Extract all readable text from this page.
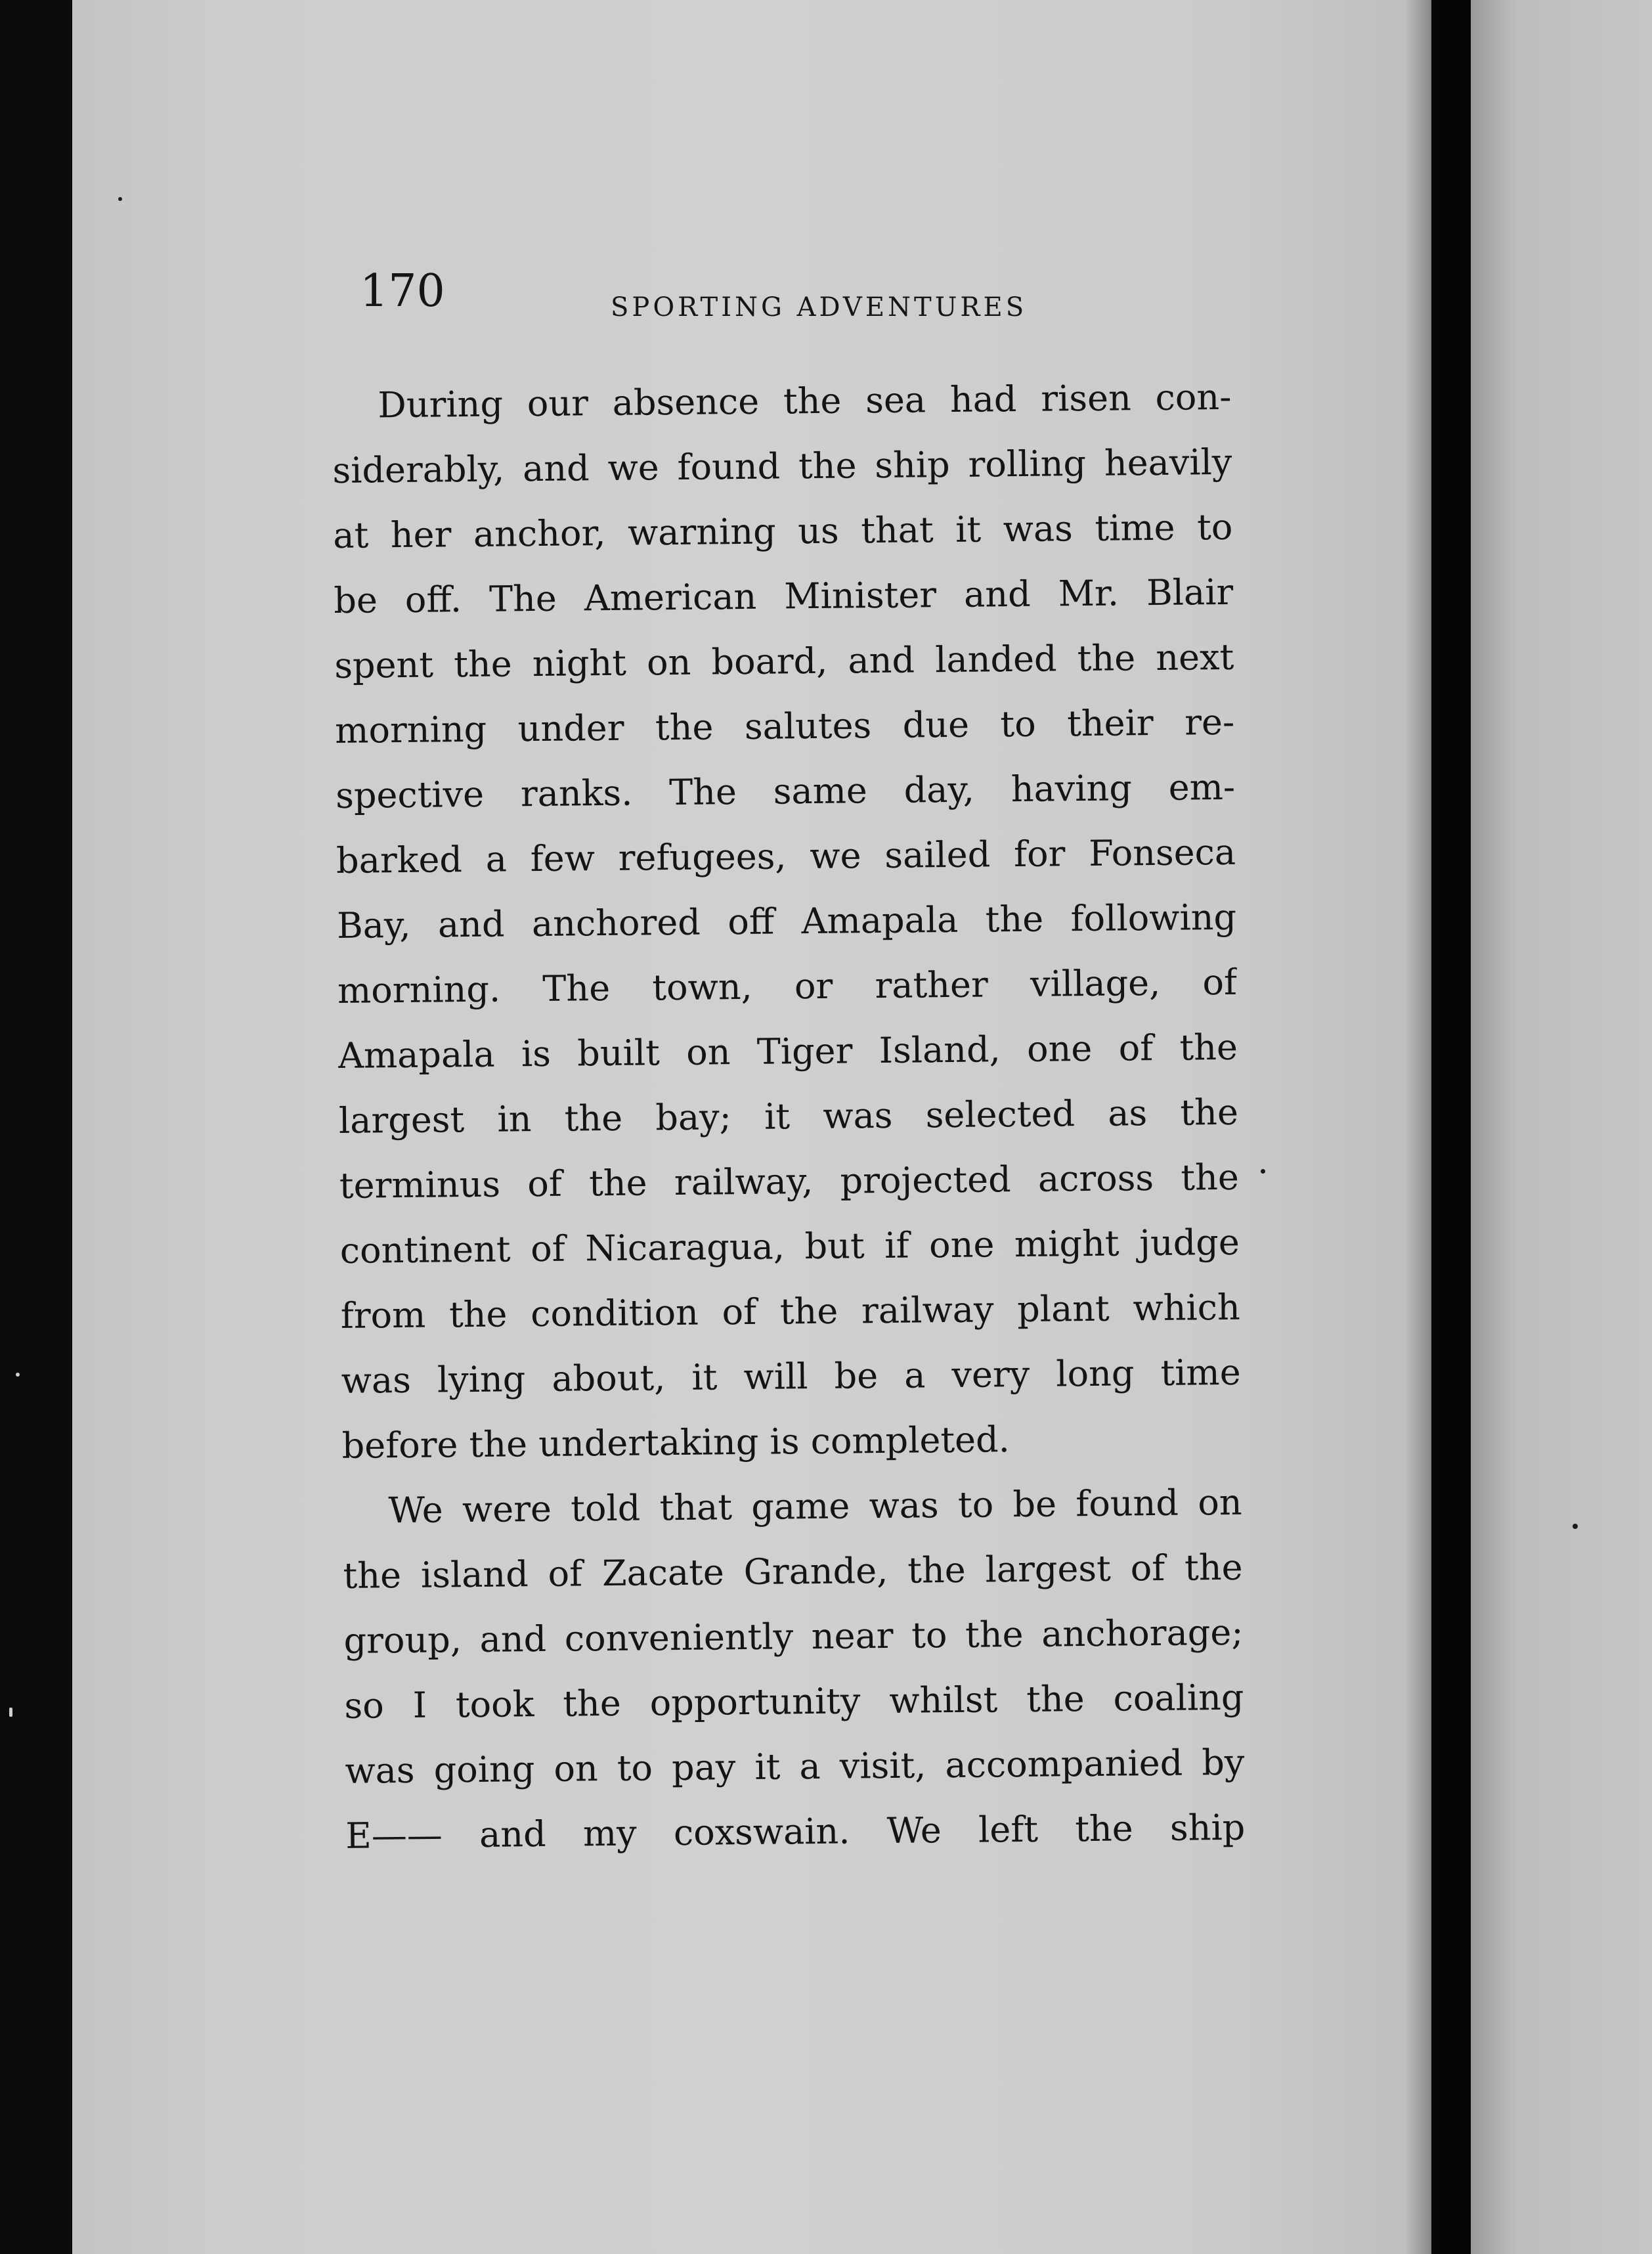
170	SPORTING ADVENTURES
During our absence the sea had risen con-
siderably, and we found the ship rolling heavily
at her anchor, warning us that it was time to
be off. The American Minister and Mr. Blair
spent the night on board, and landed the next
morning under the salutes due to their re-
spective ranks. The same day, having em-
barked a few refugees, we sailed for Fonseca
Bay, and anchored off Amapala the following
morning. The town, or rather village, of
Amapala is built on Tiger Island, one of the
largest in the bay; it was selected as the
terminus of the railway, projected across the
continent of Nicaragua, but if one might judge
from the condition of the railway plant which
was lying about, it will be a very long time
before the undertaking is completed.
We were told that game was to be found on
the island of Zacate Grande, the largest of the
group, and conveniently near to the anchorage;
so I took the opportunity whilst the coaling
was going on to pay it a visit, accompanied by
E—— and my coxswain. We left the ship
